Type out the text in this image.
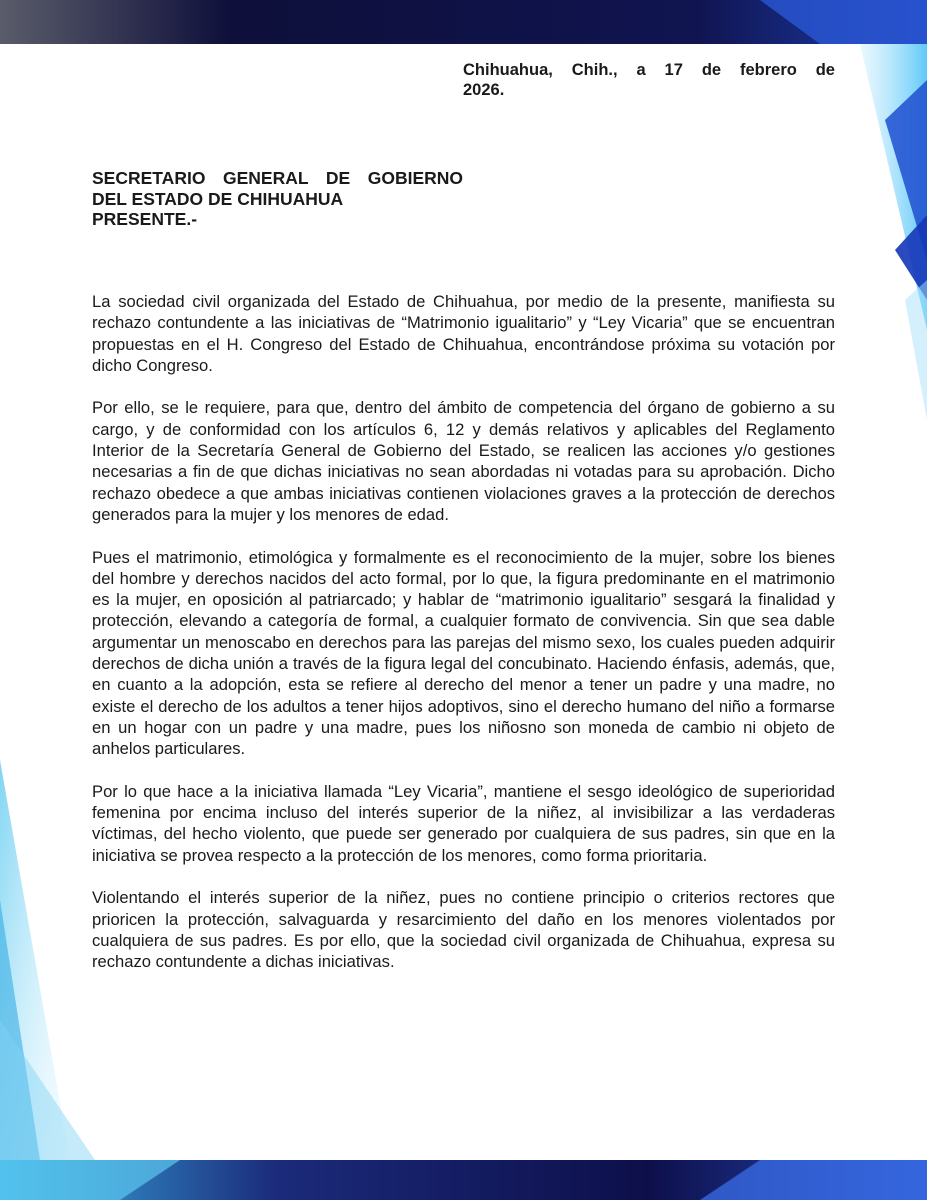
Chihuahua, Chih., a 17 de febrero de
2026.
SECRETARIO GENERAL DE GOBIERNO
DEL ESTADO DE CHIHUAHUA
PRESENTE.-

La sociedad civil organizada del Estado de Chihuahua, por medio de la presente, manifiesta su rechazo contundente a las iniciativas de “Matrimonio igualitario” y “Ley Vicaria” que se encuentran propuestas en el H. Congreso del Estado de Chihuahua, encontrándose próxima su votación por dicho Congreso.

Por ello, se le requiere, para que, dentro del ámbito de competencia del órgano de gobierno a su cargo, y de conformidad con los artículos 6, 12 y demás relativos y aplicables del Reglamento Interior de la Secretaría General de Gobierno del Estado, se realicen las acciones y/o gestiones necesarias a fin de que dichas iniciativas no sean abordadas ni votadas para su aprobación. Dicho rechazo obedece a que ambas iniciativas contienen violaciones graves a la protección de derechos generados para la mujer y los menores de edad.

Pues el matrimonio, etimológica y formalmente es el reconocimiento de la mujer, sobre los bienes del hombre y derechos nacidos del acto formal, por lo que, la figura predominante en el matrimonio es la mujer, en oposición al patriarcado; y hablar de “matrimonio igualitario” sesgará la finalidad y protección, elevando a categoría de formal, a cualquier formato de convivencia. Sin que sea dable argumentar un menoscabo en derechos para las parejas del mismo sexo, los cuales pueden adquirir derechos de dicha unión a través de la figura legal del concubinato. Haciendo énfasis, además, que, en cuanto a la adopción, esta se refiere al derecho del menor a tener un padre y una madre, no existe el derecho de los adultos a tener hijos adoptivos, sino el derecho humano del niño a formarse en un hogar con un padre y una madre, pues los niñosno son moneda de cambio ni objeto de anhelos particulares.

Por lo que hace a la iniciativa llamada “Ley Vicaria”, mantiene el sesgo ideológico de superioridad femenina por encima incluso del interés superior de la niñez, al invisibilizar a las verdaderas víctimas, del hecho violento, que puede ser generado por cualquiera de sus padres, sin que en la iniciativa se provea respecto a la protección de los menores, como forma prioritaria.

Violentando el interés superior de la niñez, pues no contiene principio o criterios rectores que prioricen la protección, salvaguarda y resarcimiento del daño en los menores violentados por cualquiera de sus padres. Es por ello, que la sociedad civil organizada de Chihuahua, expresa su rechazo contundente a dichas iniciativas.
